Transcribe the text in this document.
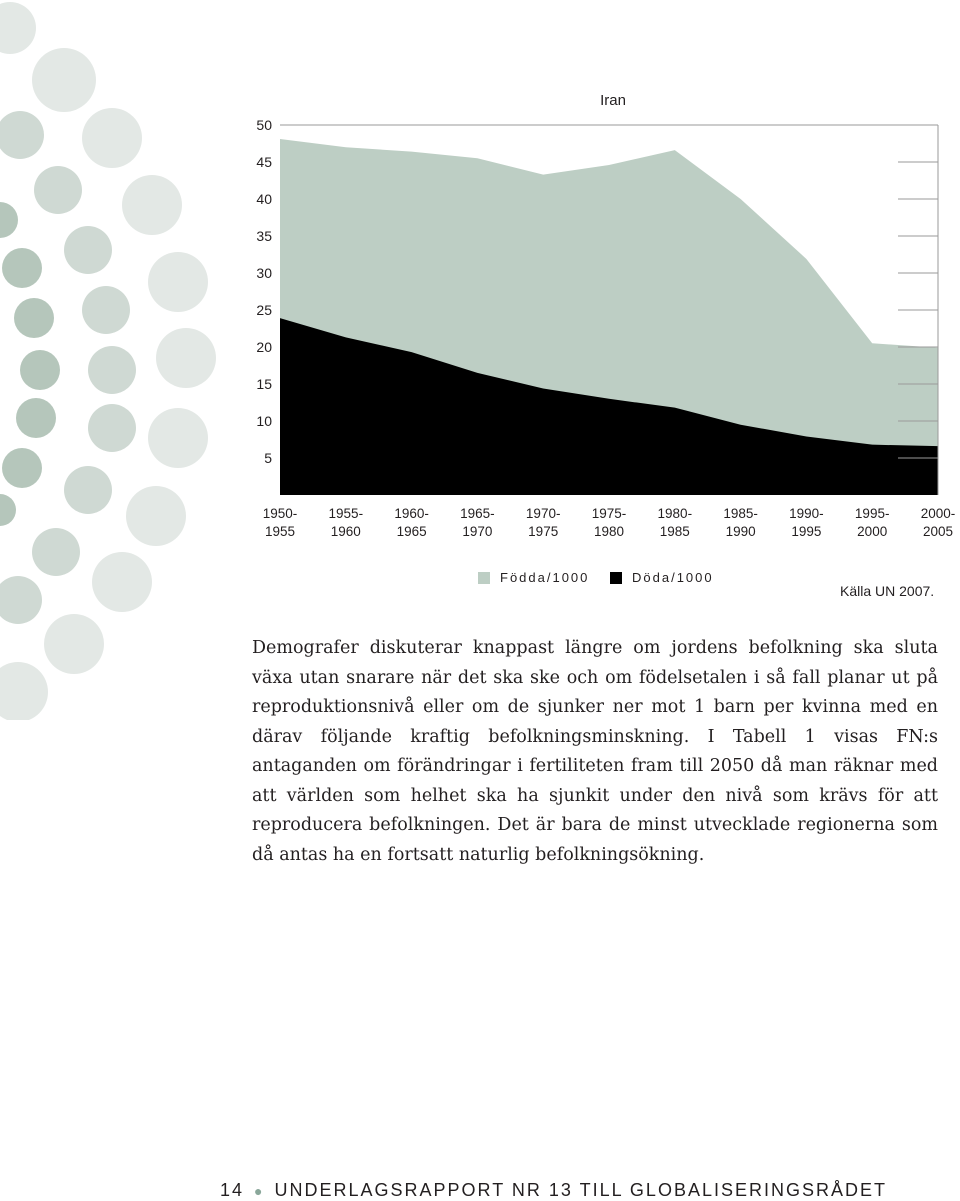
Iran
5
10
15
20
25
30
35
40
45
50
1950-1955
1955-1960
1960-1965
1965-1970
1970-1975
1975-1980
1980-1985
1985-1990
1990-1995
1995-2000
2000-2005
Födda/1000	Döda/1000
Källa UN 2007.
Demografer diskuterar knappast längre om jordens befolkning ska sluta växa utan snarare när det ska ske och om födelsetalen i så fall planar ut på reproduktionsnivå eller om de sjunker ner mot 1 barn per kvinna med en därav följande kraftig befolkningsminskning. I Tabell 1 visas FN:s antaganden om förändringar i fertiliteten fram till 2050 då man räknar med att världen som helhet ska ha sjunkit under den nivå som krävs för att reproducera befolkningen. Det är bara de minst utvecklade regionerna som då antas ha en fortsatt naturlig befolkningsökning.
14 ● UNDERLAGSRAPPORT NR 13 TILL GLOBALISERINGSRÅDET
